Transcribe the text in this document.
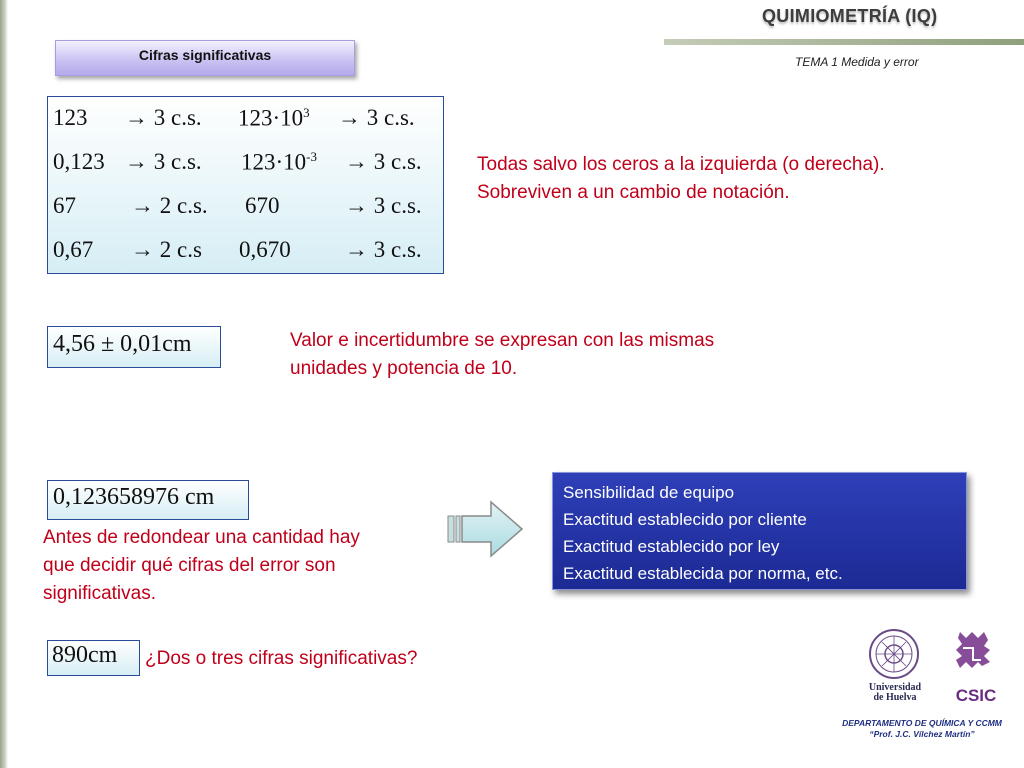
QUIMIOMETRÍA (IQ)
TEMA 1 Medida y error
Cifras significativas
123 → 3 c.s. $123\cdot 10^3 \to 3$ c.s.
0,123 → 3 c.s. $123\cdot 10^{-3} \to 3$ c.s.
67 → 2 c.s. 670	→ 3 c.s.
0,67 → 2 c.s 0,670 → 3 c.s.
Todas salvo los ceros a la izquierda (o derecha).
Sobreviven a un cambio de notación.
4,56 ± 0,01cm	Valor e incertidumbre se expresan con las mismas
unidades y potencia de 10.
0,123658976 cm
Antes de redondear una cantidad hay
que decidir qué cifras del error son
significativas.
Sensibilidad de equipo
Exactitud establecido por cliente
Exactitud establecido por ley
Exactitud establecida por norma, etc.
890cm	¿Dos o tres cifras significativas?
Universidad de Huelva	CSIC
DEPARTAMENTO DE QUÍMICA Y CCMM
“Prof. J.C. Vílchez Martín”
